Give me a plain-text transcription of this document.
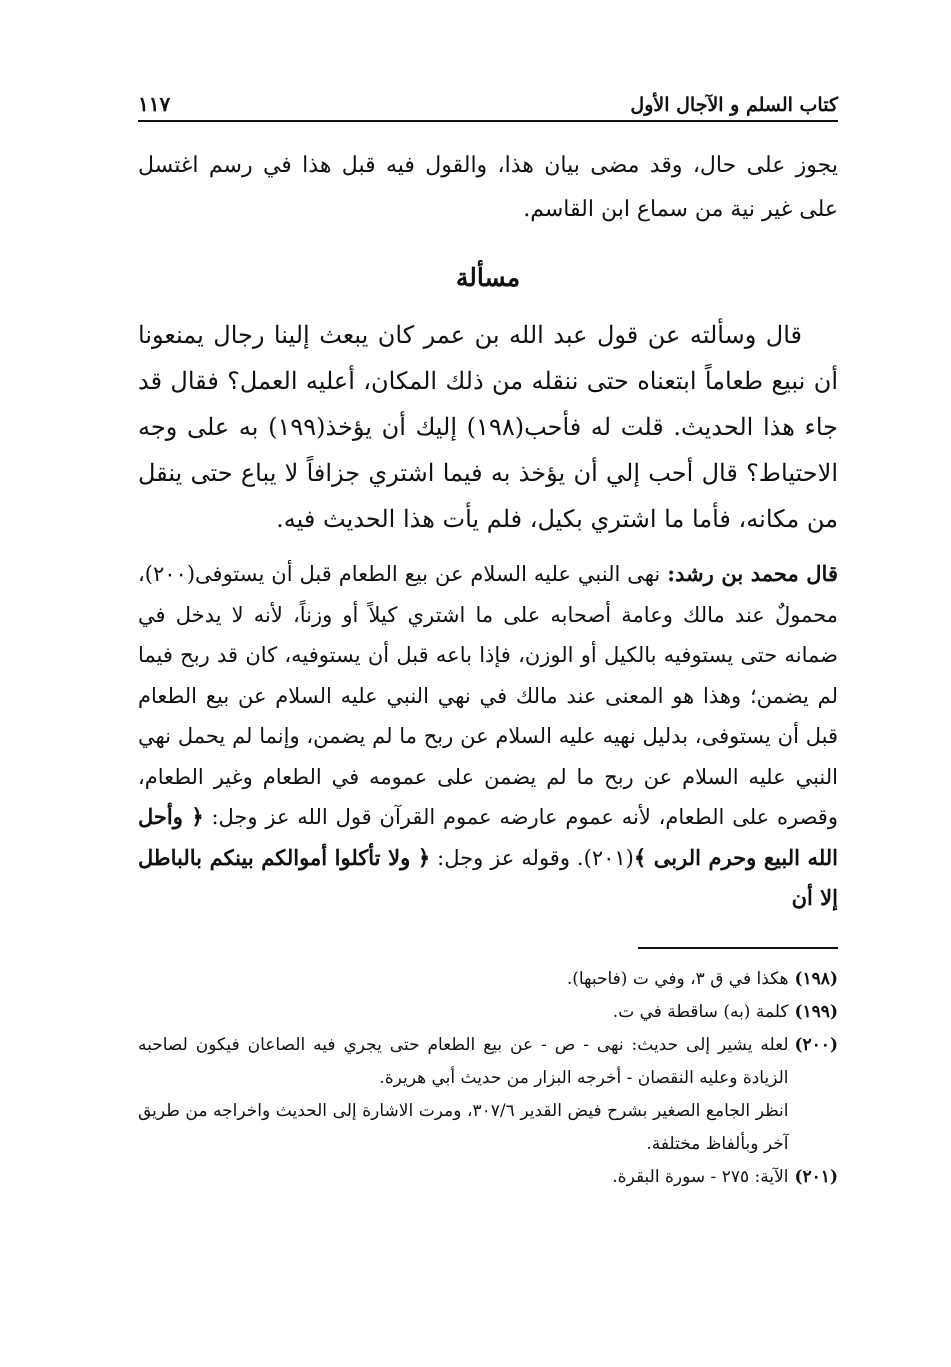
كتاب السلم و الآجال الأول
١١٧

يجوز على حال، وقد مضى بيان هذا، والقول فيه قبل هذا في رسم اغتسل على غير نية من سماع ابن القاسم.

مسألة

قال وسألته عن قول عبد الله بن عمر كان يبعث إلينا رجال يمنعونا أن نبيع طعاماً ابتعناه حتى ننقله من ذلك المكان، أعليه العمل؟ فقال قد جاء هذا الحديث. قلت له فأحب(١٩٨) إليك أن يؤخذ(١٩٩) به على وجه الاحتياط؟ قال أحب إلي أن يؤخذ به فيما اشتري جزافاً لا يباع حتى ينقل من مكانه، فأما ما اشتري بكيل، فلم يأت هذا الحديث فيه.

قال محمد بن رشد: نهى النبي عليه السلام عن بيع الطعام قبل أن يستوفى(٢٠٠)، محمولٌ عند مالك وعامة أصحابه على ما اشتري كيلاً أو وزناً، لأنه لا يدخل في ضمانه حتى يستوفيه بالكيل أو الوزن، فإذا باعه قبل أن يستوفيه، كان قد ربح فيما لم يضمن؛ وهذا هو المعنى عند مالك في نهي النبي عليه السلام عن بيع الطعام قبل أن يستوفى، بدليل نهيه عليه السلام عن ربح ما لم يضمن، وإنما لم يحمل نهي النبي عليه السلام عن ربح ما لم يضمن على عمومه في الطعام وغير الطعام، وقصره على الطعام، لأنه عموم عارضه عموم القرآن قول الله عز وجل: ﴿ وأحل الله البيع وحرم الربى ﴾(٢٠١). وقوله عز وجل: ﴿ ولا تأكلوا أموالكم بينكم بالباطل إلا أن

(١٩٨)
هكذا في ق ٣، وفي ت (فاحبها).
(١٩٩)
كلمة (به) ساقطة في ت.
(٢٠٠)
لعله يشير إلى حديث: نهى - ص - عن بيع الطعام حتى يجري فيه الصاعان فيكون لصاحبه الزيادة وعليه النقصان - أخرجه البزار من حديث أبي هريرة.
انظر الجامع الصغير بشرح فيض القدير ٣٠٧/٦، ومرت الاشارة إلى الحديث واخراجه من طريق آخر وبألفاظ مختلفة.
(٢٠١)
الآية: ٢٧٥ - سورة البقرة.
